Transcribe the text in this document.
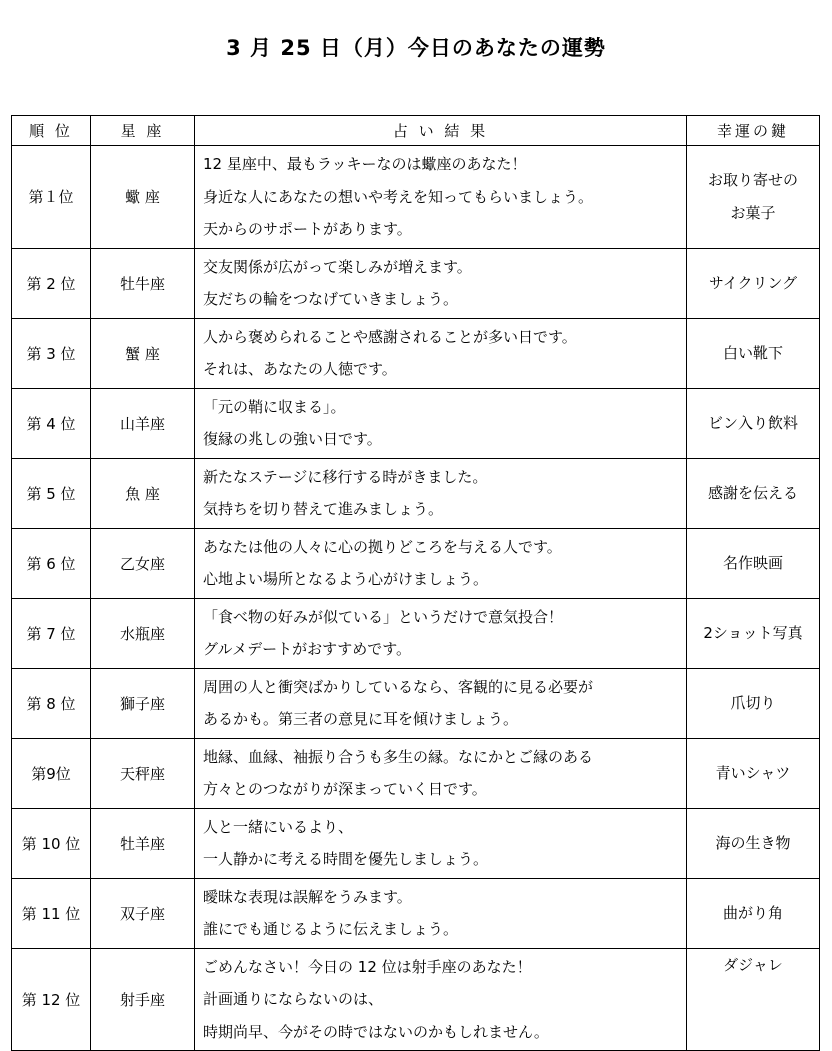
3 月 25 日（月）今日のあなたの運勢
順 位	星 座	占 い 結 果	幸運の鍵
第１位	蠍 座	12 星座中、最もラッキーなのは蠍座のあなた！
身近な人にあなたの想いや考えを知ってもらいましょう。
天からのサポートがあります。	お取り寄せの
お菓子

第 2 位	牡牛座	交友関係が広がって楽しみが増えます。
友だちの輪をつなげていきましょう。	サイクリング

第 3 位	蟹 座	人から褒められることや感謝されることが多い日です。
それは、あなたの人徳です。	白い靴下

第 4 位	山羊座	「元の鞘に収まる」。
復縁の兆しの強い日です。	ビン入り飲料

第 5 位	魚 座	新たなステージに移行する時がきました。
気持ちを切り替えて進みましょう。	感謝を伝える

第 6 位	乙女座	あなたは他の人々に心の拠りどころを与える人です。
心地よい場所となるよう心がけましょう。	名作映画

第 7 位	水瓶座	「食べ物の好みが似ている」というだけで意気投合！
グルメデートがおすすめです。	2ショット写真

第 8 位	獅子座	周囲の人と衝突ばかりしているなら、客観的に見る必要が
あるかも。第三者の意見に耳を傾けましょう。	爪切り

第9位	天秤座	地縁、血縁、袖振り合うも多生の縁。なにかとご縁のある
方々とのつながりが深まっていく日です。	青いシャツ

第 10 位	牡羊座	人と一緒にいるより、
一人静かに考える時間を優先しましょう。	海の生き物

第 11 位	双子座	曖昧な表現は誤解をうみます。
誰にでも通じるように伝えましょう。	曲がり角

第 12 位	射手座	ごめんなさい！今日の 12 位は射手座のあなた！
計画通りにならないのは、
時期尚早、今がその時ではないのかもしれません。	ダジャレ
